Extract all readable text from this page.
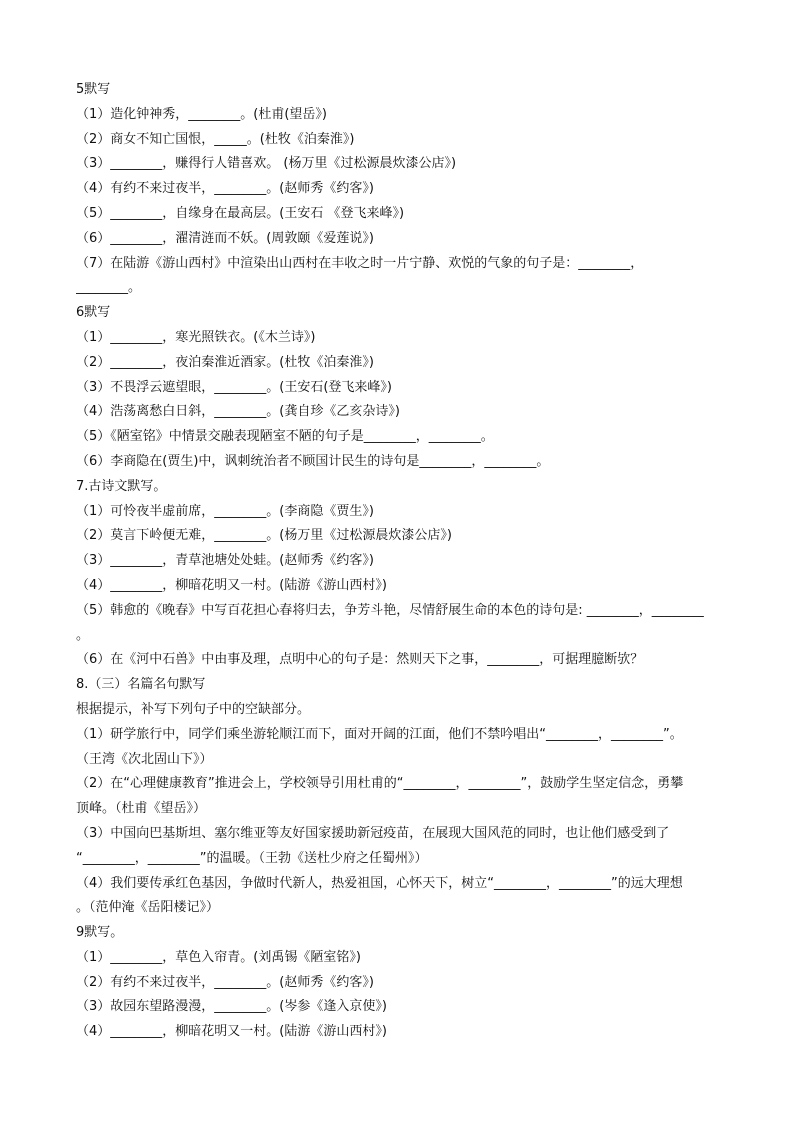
5默写
（1）造化钟神秀，________。(杜甫(望岳》)
（2）商女不知亡国恨，_____。(杜牧《泊秦淮》)
（3）________，赚得行人错喜欢。 (杨万里《过松源晨炊漆公店》)
（4）有约不来过夜半，________。(赵师秀《约客》)
（5）________，自缘身在最高层。(王安石 《登飞来峰》)
（6）________，濯清涟而不妖。(周敦颐《爱莲说》)
（7）在陆游《游山西村》中渲染出山西村在丰收之时一片宁静、欢悦的气象的句子是：________，
________。
6默写
（1）________，寒光照铁衣。(《木兰诗》)
（2）________，夜泊秦淮近酒家。(杜牧《泊秦淮》)
（3）不畏浮云遮望眼，________。(王安石(登飞来峰》)
（4）浩荡离愁白日斜，________。(龚自珍《乙亥杂诗》)
（5）《陋室铭》中情景交融表现陋室不陋的句子是________，________。
（6）李商隐在(贾生)中，讽刺统治者不顾国计民生的诗句是________，________。
7.古诗文默写。
（1）可怜夜半虚前席，________。(李商隐《贾生》)
（2）莫言下岭便无难，________。(杨万里《过松源晨炊漆公店》)
（3）________，青草池塘处处蛙。(赵师秀《约客》)
（4）________，柳暗花明又一村。(陆游《游山西村》)
（5）韩愈的《晚春》中写百花担心春将归去，争芳斗艳，尽情舒展生命的本色的诗句是: ________，________
。
（6）在《河中石兽》中由事及理，点明中心的句子是：然则天下之事，________，可据理臆断欤？
8.（三）名篇名句默写
根据提示，补写下列句子中的空缺部分。
（1）研学旅行中，同学们乘坐游轮顺江而下，面对开阔的江面，他们不禁吟唱出“________，________”。
（王湾《次北固山下》）
（2）在“心理健康教育”推进会上，学校领导引用杜甫的“________，________”，鼓励学生坚定信念，勇攀
顶峰。（杜甫《望岳》）
（3）中国向巴基斯坦、塞尔维亚等友好国家援助新冠疫苗，在展现大国风范的同时，也让他们感受到了
“________，________”的温暖。（王勃《送杜少府之任蜀州》）
（4）我们要传承红色基因，争做时代新人，热爱祖国，心怀天下，树立“________，________”的远大理想
。（范仲淹《岳阳楼记》）
9默写。
（1）________，草色入帘青。(刘禹锡《陋室铭》)
（2）有约不来过夜半，________。(赵师秀《约客》)
（3）故园东望路漫漫，________。(岑参《逢入京使》)
（4）________，柳暗花明又一村。(陆游《游山西村》)
